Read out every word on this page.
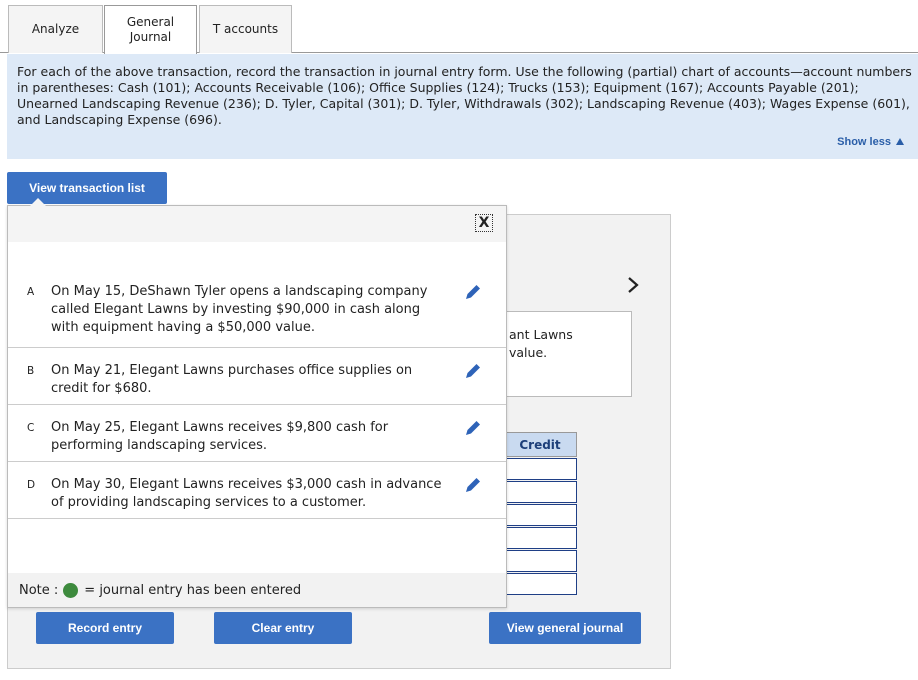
Analyze	General
Journal
T accounts

For each of the above transaction, record the transaction in journal entry form. Use the following (partial) chart of accounts—account numbers in parentheses: Cash (101); Accounts Receivable (106); Office Supplies (124); Trucks (153); Equipment (167); Accounts Payable (201); Unearned Landscaping Revenue (236); D. Tyler, Capital (301); D. Tyler, Withdrawals (302); Landscaping Revenue (403); Wages Expense (601), and Landscaping Expense (696).

Show less
View transaction list
ant Lawns
value.
Credit
X
A On May 15, DeShawn Tyler opens a landscaping company called Elegant Lawns by investing $90,000 in cash along with equipment having a $50,000 value.
B On May 21, Elegant Lawns purchases office supplies on credit for $680.
C On May 25, Elegant Lawns receives $9,800 cash for performing landscaping services.
D On May 30, Elegant Lawns receives $3,000 cash in advance of providing landscaping services to a customer.
Note : = journal entry has been entered
Record entry	Clear entry	View general journal
